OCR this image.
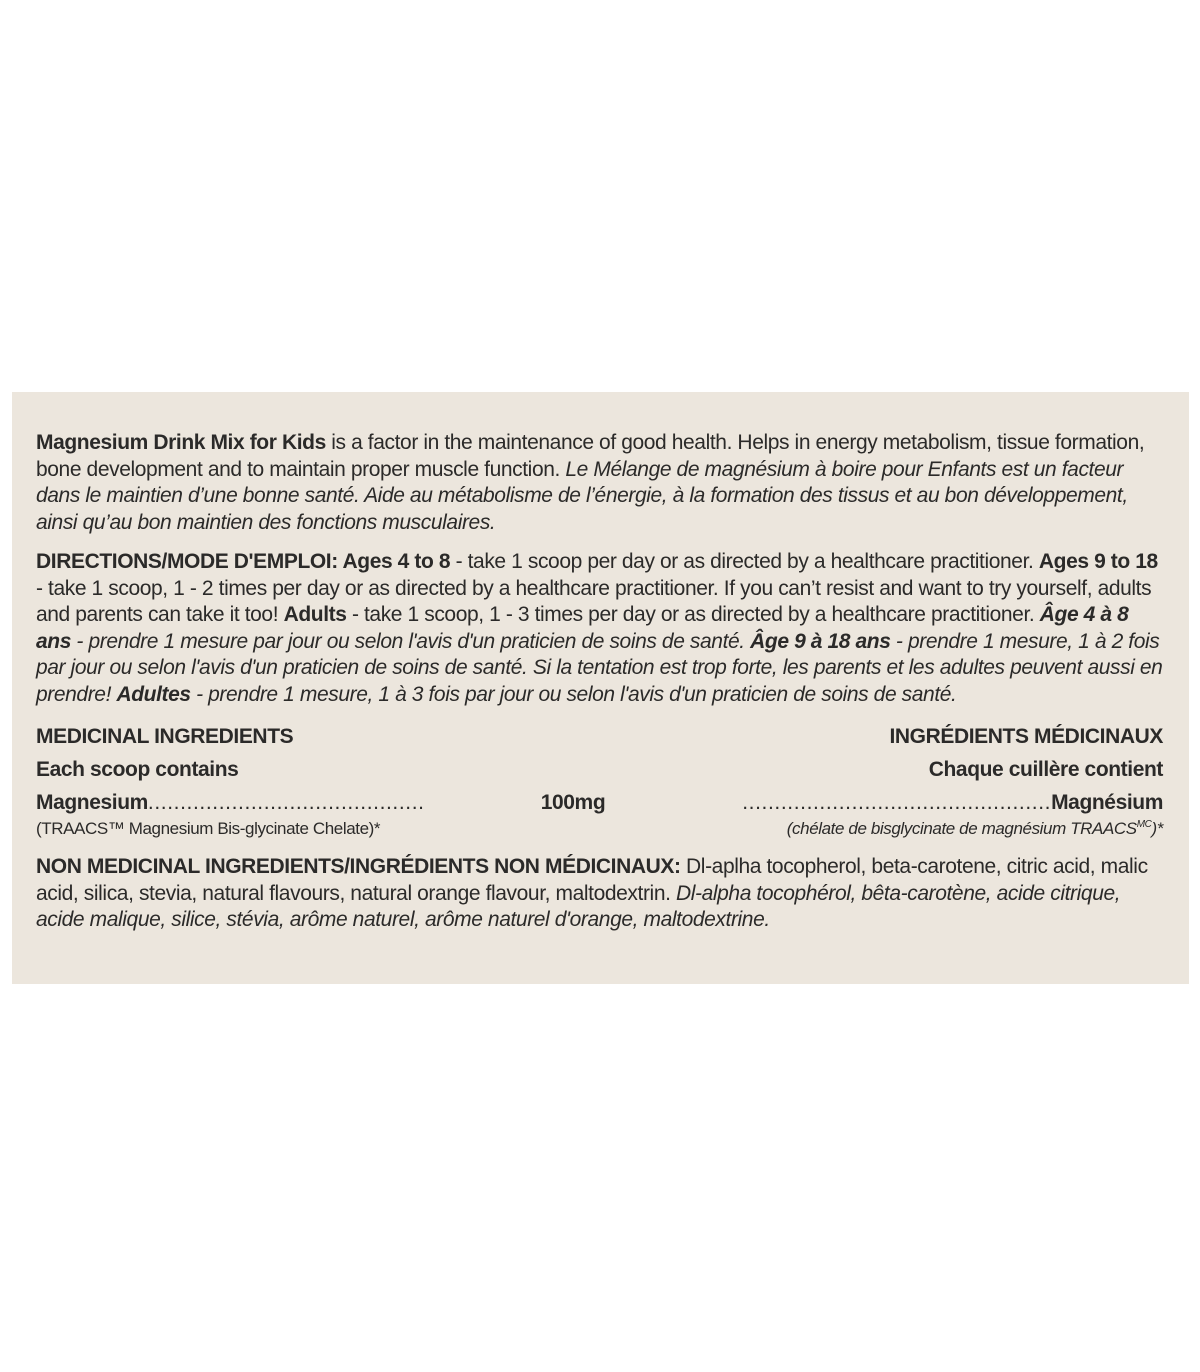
Magnesium Drink Mix for Kids is a factor in the maintenance of good health. Helps in energy metabolism, tissue formation, bone development and to maintain proper muscle function. Le Mélange de magnésium à boire pour Enfants est un facteur dans le maintien d’une bonne santé. Aide au métabolisme de l’énergie, à la formation des tissus et au bon développement, ainsi qu’au bon maintien des fonctions musculaires.

DIRECTIONS/MODE D'EMPLOI: Ages 4 to 8 - take 1 scoop per day or as directed by a healthcare practitioner. Ages 9 to 18 - take 1 scoop, 1 - 2 times per day or as directed by a healthcare practitioner. If you can’t resist and want to try yourself, adults and parents can take it too! Adults - take 1 scoop, 1 - 3 times per day or as directed by a healthcare practitioner. Âge 4 à 8 ans - prendre 1 mesure par jour ou selon l'avis d'un praticien de soins de santé. Âge 9 à 18 ans - prendre 1 mesure, 1 à 2 fois par jour ou selon l'avis d'un praticien de soins de santé. Si la tentation est trop forte, les parents et les adultes peuvent aussi en prendre! Adultes - prendre 1 mesure, 1 à 3 fois par jour ou selon l'avis d'un praticien de soins de santé.

MEDICINAL INGREDIENTS	INGRÉDIENTS MÉDICINAUX
Each scoop contains	Chaque cuillère contient
Magnesium ...........................................	100mg	................................................ Magnésium
(TRAACS™ Magnesium Bis-glycinate Chelate)*	(chélate de bisglycinate de magnésium $TRAACS^{MC})*$

NON MEDICINAL INGREDIENTS/INGRÉDIENTS NON MÉDICINAUX: Dl-aplha tocopherol, beta-carotene, citric acid, malic acid, silica, stevia, natural flavours, natural orange flavour, maltodextrin. Dl-alpha tocophérol, bêta-carotène, acide citrique, acide malique, silice, stévia, arôme naturel, arôme naturel d'orange, maltodextrine.
